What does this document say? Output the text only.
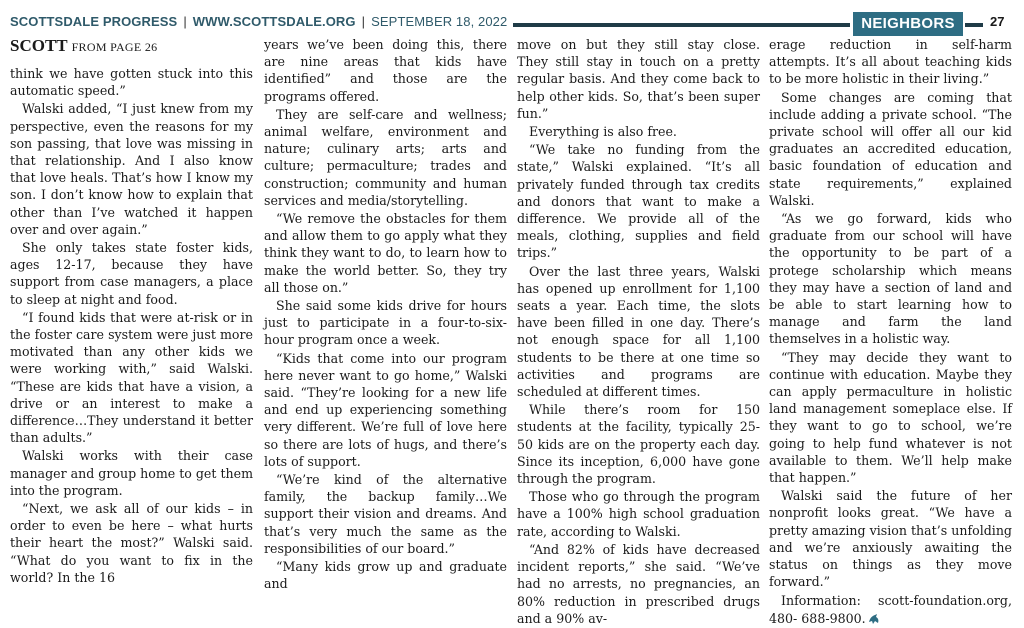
SCOTTSDALE PROGRESS | WWW.SCOTTSDALE.ORG | SEPTEMBER 18, 2022	NEIGHBORS	27
SCOTT FROM PAGE 26

think we have gotten stuck into this automatic speed.”

Walski added, “I just knew from my perspective, even the reasons for my son passing, that love was missing in that relationship. And I also know that love heals. That’s how I know my son. I don’t know how to explain that other than I’ve watched it happen over and over again.”

She only takes state foster kids, ages 12-17, because they have support from case managers, a place to sleep at night and food.

“I found kids that were at-risk or in the foster care system were just more motivated than any other kids we were working with,” said Walski. “These are kids that have a vision, a drive or an interest to make a difference…They understand it better than adults.”

Walski works with their case manager and group home to get them into the program.

“Next, we ask all of our kids – in order to even be here – what hurts their heart the most?” Walski said. “What do you want to fix in the world? In the 16

years we’ve been doing this, there are nine areas that kids have identified” and those are the programs offered.

They are self-care and wellness; animal welfare, environment and nature; culinary arts; arts and culture; permaculture; trades and construction; community and human services and media/storytelling.

“We remove the obstacles for them and allow them to go apply what they think they want to do, to learn how to make the world better. So, they try all those on.”

She said some kids drive for hours just to participate in a four-to-six-hour program once a week.

“Kids that come into our program here never want to go home,” Walski said. “They’re looking for a new life and end up experiencing something very different. We’re full of love here so there are lots of hugs, and there’s lots of support.

“We’re kind of the alternative family, the backup family…We support their vision and dreams. And that’s very much the same as the responsibilities of our board.”

“Many kids grow up and graduate and

move on but they still stay close. They still stay in touch on a pretty regular basis. And they come back to help other kids. So, that’s been super fun.”

Everything is also free.

“We take no funding from the state,” Walski explained. “It’s all privately funded through tax credits and donors that want to make a difference. We provide all of the meals, clothing, supplies and field trips.”

Over the last three years, Walski has opened up enrollment for 1,100 seats a year. Each time, the slots have been filled in one day. There’s not enough space for all 1,100 students to be there at one time so activities and programs are scheduled at different times.

While there’s room for 150 students at the facility, typically 25-50 kids are on the property each day. Since its inception, 6,000 have gone through the program.

Those who go through the program have a 100% high school graduation rate, according to Walski.

“And 82% of kids have decreased incident reports,” she said. “We’ve had no arrests, no pregnancies, an 80% reduction in prescribed drugs and a 90% av-

erage reduction in self-harm attempts. It’s all about teaching kids to be more holistic in their living.”

Some changes are coming that include adding a private school. “The private school will offer all our kid graduates an accredited education, basic foundation of education and state requirements,” explained Walski.

“As we go forward, kids who graduate from our school will have the opportunity to be part of a protege scholarship which means they may have a section of land and be able to start learning how to manage and farm the land themselves in a holistic way.

“They may decide they want to continue with education. Maybe they can apply permaculture in holistic land management someplace else. If they want to go to school, we’re going to help fund whatever is not available to them. We’ll help make that happen.”

Walski said the future of her nonprofit looks great. “We have a pretty amazing vision that’s unfolding and we’re anxiously awaiting the status on things as they move forward.”

Information: scott-foundation.org,

480- 688-9800.
